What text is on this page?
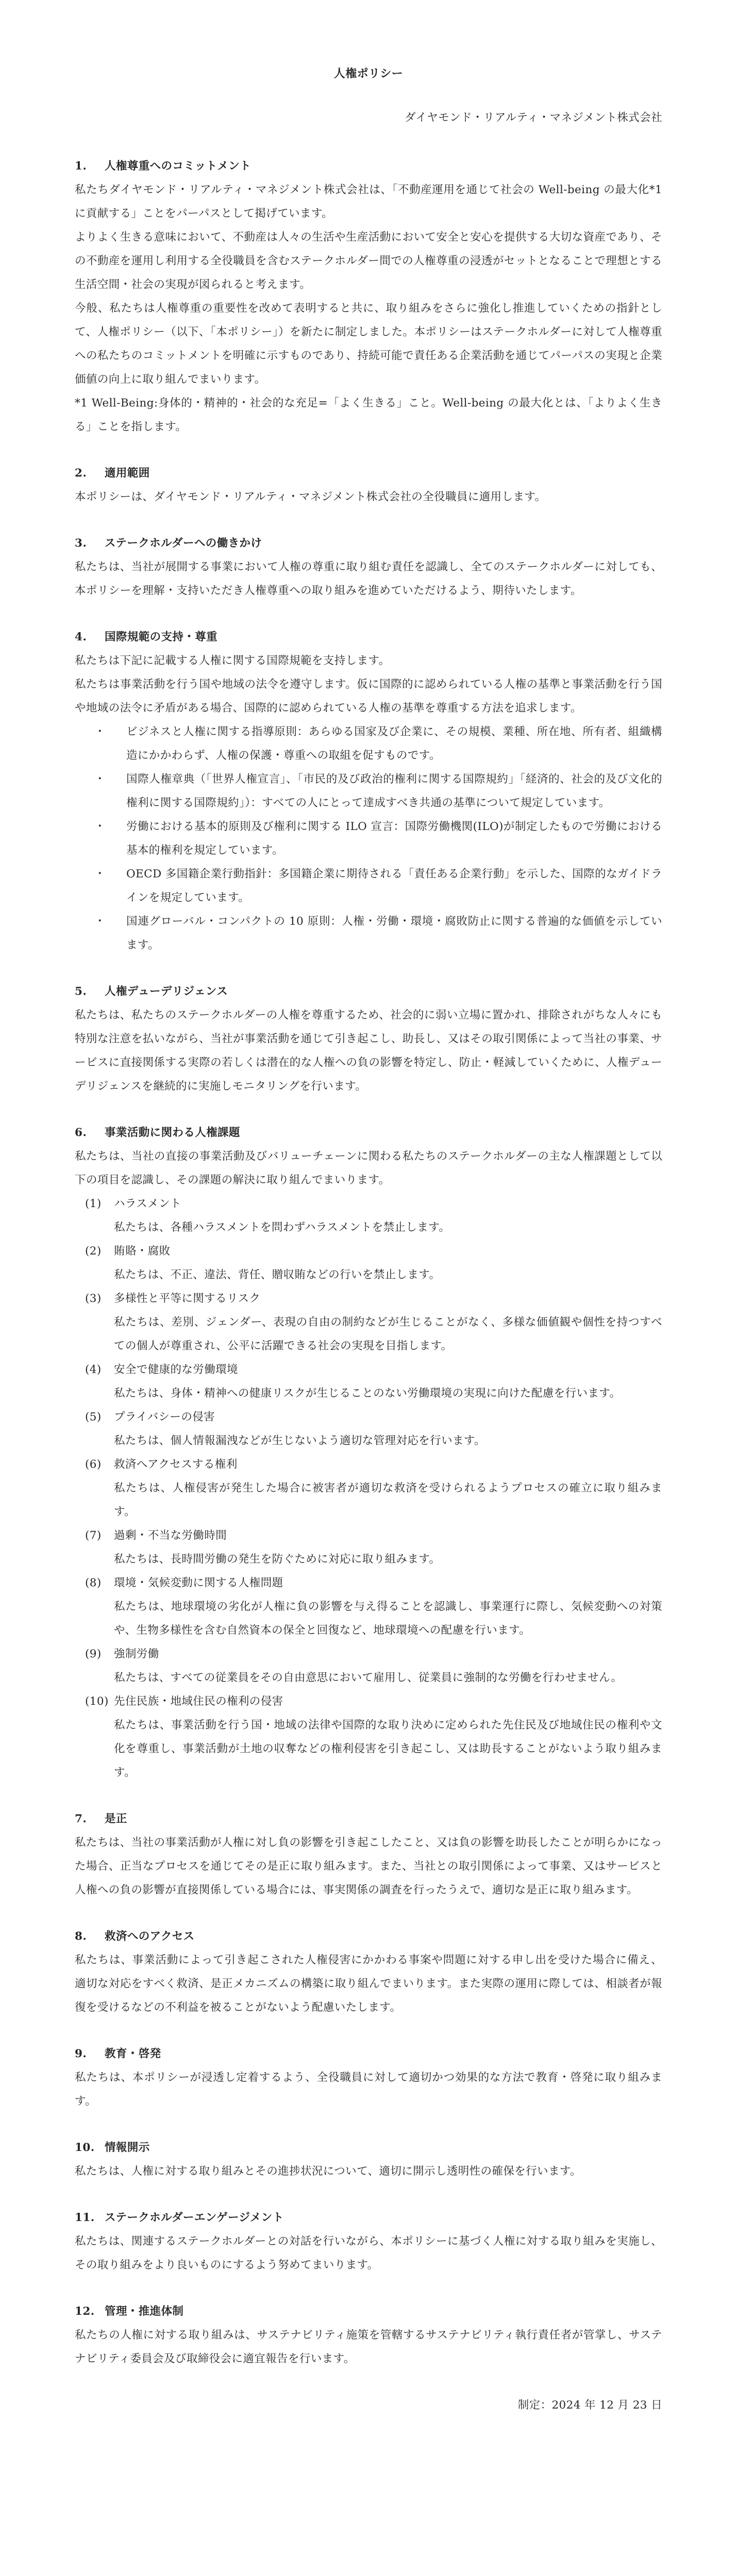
人権ポリシー

ダイヤモンド・リアルティ・マネジメント株式会社

1. 人権尊重へのコミットメント

私たちダイヤモンド・リアルティ・マネジメント株式会社は、「不動産運用を通じて社会の Well-being の最大化*1 に貢献する」ことをパーパスとして掲げています。

よりよく生きる意味において、不動産は人々の生活や生産活動において安全と安心を提供する大切な資産であり、その不動産を運用し利用する全役職員を含むステークホルダー間での人権尊重の浸透がセットとなることで理想とする生活空間・社会の実現が図られると考えます。

今般、私たちは人権尊重の重要性を改めて表明すると共に、取り組みをさらに強化し推進していくための指針として、人権ポリシー（以下、「本ポリシー」）を新たに制定しました。本ポリシーはステークホルダーに対して人権尊重への私たちのコミットメントを明確に示すものであり、持続可能で責任ある企業活動を通じてパーパスの実現と企業価値の向上に取り組んでまいります。

*1 Well-Being:身体的・精神的・社会的な充足=「よく生きる」こと。Well-being の最大化とは、「よりよく生きる」ことを指します。

2. 適用範囲

本ポリシーは、ダイヤモンド・リアルティ・マネジメント株式会社の全役職員に適用します。

3. ステークホルダーへの働きかけ

私たちは、当社が展開する事業において人権の尊重に取り組む責任を認識し、全てのステークホルダーに対しても、本ポリシーを理解・支持いただき人権尊重への取り組みを進めていただけるよう、期待いたします。

4. 国際規範の支持・尊重

私たちは下記に記載する人権に関する国際規範を支持します。

私たちは事業活動を行う国や地域の法令を遵守します。仮に国際的に認められている人権の基準と事業活動を行う国や地域の法令に矛盾がある場合、国際的に認められている人権の基準を尊重する方法を追求します。

・ ビジネスと人権に関する指導原則：あらゆる国家及び企業に、その規模、業種、所在地、所有者、組織構造にかかわらず、人権の保護・尊重への取組を促すものです。
・ 国際人権章典（「世界人権宣言」、「市民的及び政治的権利に関する国際規約」「経済的、社会的及び文化的権利に関する国際規約」）：すべての人にとって達成すべき共通の基準について規定しています。
・ 労働における基本的原則及び権利に関する ILO 宣言：国際労働機関(ILO)が制定したもので労働における基本的権利を規定しています。
・ OECD 多国籍企業行動指針：多国籍企業に期待される「責任ある企業行動」を示した、国際的なガイドラインを規定しています。
・ 国連グローバル・コンパクトの 10 原則：人権・労働・環境・腐敗防止に関する普遍的な価値を示しています。

5. 人権デューデリジェンス

私たちは、私たちのステークホルダーの人権を尊重するため、社会的に弱い立場に置かれ、排除されがちな人々にも特別な注意を払いながら、当社が事業活動を通じて引き起こし、助長し、又はその取引関係によって当社の事業、サービスに直接関係する実際の若しくは潜在的な人権への負の影響を特定し、防止・軽減していくために、人権デューデリジェンスを継続的に実施しモニタリングを行います。

6. 事業活動に関わる人権課題

私たちは、当社の直接の事業活動及びバリューチェーンに関わる私たちのステークホルダーの主な人権課題として以下の項目を認識し、その課題の解決に取り組んでまいります。

(1)	ハラスメント
私たちは、各種ハラスメントを問わずハラスメントを禁止します。
(2)	賄賂・腐敗
私たちは、不正、違法、背任、贈収賄などの行いを禁止します。
(3)	多様性と平等に関するリスク
私たちは、差別、ジェンダー、表現の自由の制約などが生じることがなく、多様な価値観や個性を持つすべての個人が尊重され、公平に活躍できる社会の実現を目指します。
(4)	安全で健康的な労働環境
私たちは、身体・精神への健康リスクが生じることのない労働環境の実現に向けた配慮を行います。
(5)	プライバシーの侵害
私たちは、個人情報漏洩などが生じないよう適切な管理対応を行います。
(6)	救済へアクセスする権利
私たちは、人権侵害が発生した場合に被害者が適切な救済を受けられるようプロセスの確立に取り組みます。
(7)	過剰・不当な労働時間
私たちは、長時間労働の発生を防ぐために対応に取り組みます。
(8)	環境・気候変動に関する人権問題
私たちは、地球環境の劣化が人権に負の影響を与え得ることを認識し、事業運行に際し、気候変動への対策や、生物多様性を含む自然資本の保全と回復など、地球環境への配慮を行います。
(9)	強制労働
私たちは、すべての従業員をその自由意思において雇用し、従業員に強制的な労働を行わせません。
(10) 先住民族・地域住民の権利の侵害
私たちは、事業活動を行う国・地域の法律や国際的な取り決めに定められた先住民及び地域住民の権利や文化を尊重し、事業活動が土地の収奪などの権利侵害を引き起こし、又は助長することがないよう取り組みます。

7. 是正

私たちは、当社の事業活動が人権に対し負の影響を引き起こしたこと、又は負の影響を助長したことが明らかになった場合、正当なプロセスを通じてその是正に取り組みます。また、当社との取引関係によって事業、又はサービスと人権への負の影響が直接関係している場合には、事実関係の調査を行ったうえで、適切な是正に取り組みます。

8. 救済へのアクセス

私たちは、事業活動によって引き起こされた人権侵害にかかわる事案や問題に対する申し出を受けた場合に備え、適切な対応をすべく救済、是正メカニズムの構築に取り組んでまいります。また実際の運用に際しては、相談者が報復を受けるなどの不利益を被ることがないよう配慮いたします。

9. 教育・啓発

私たちは、本ポリシーが浸透し定着するよう、全役職員に対して適切かつ効果的な方法で教育・啓発に取り組みます。

10. 情報開示

私たちは、人権に対する取り組みとその進捗状況について、適切に開示し透明性の確保を行います。

11. ステークホルダーエンゲージメント

私たちは、関連するステークホルダーとの対話を行いながら、本ポリシーに基づく人権に対する取り組みを実施し、その取り組みをより良いものにするよう努めてまいります。

12. 管理・推進体制

私たちの人権に対する取り組みは、サステナビリティ施策を管轄するサステナビリティ執行責任者が管掌し、サステナビリティ委員会及び取締役会に適宜報告を行います。

制定：2024 年 12 月 23 日
